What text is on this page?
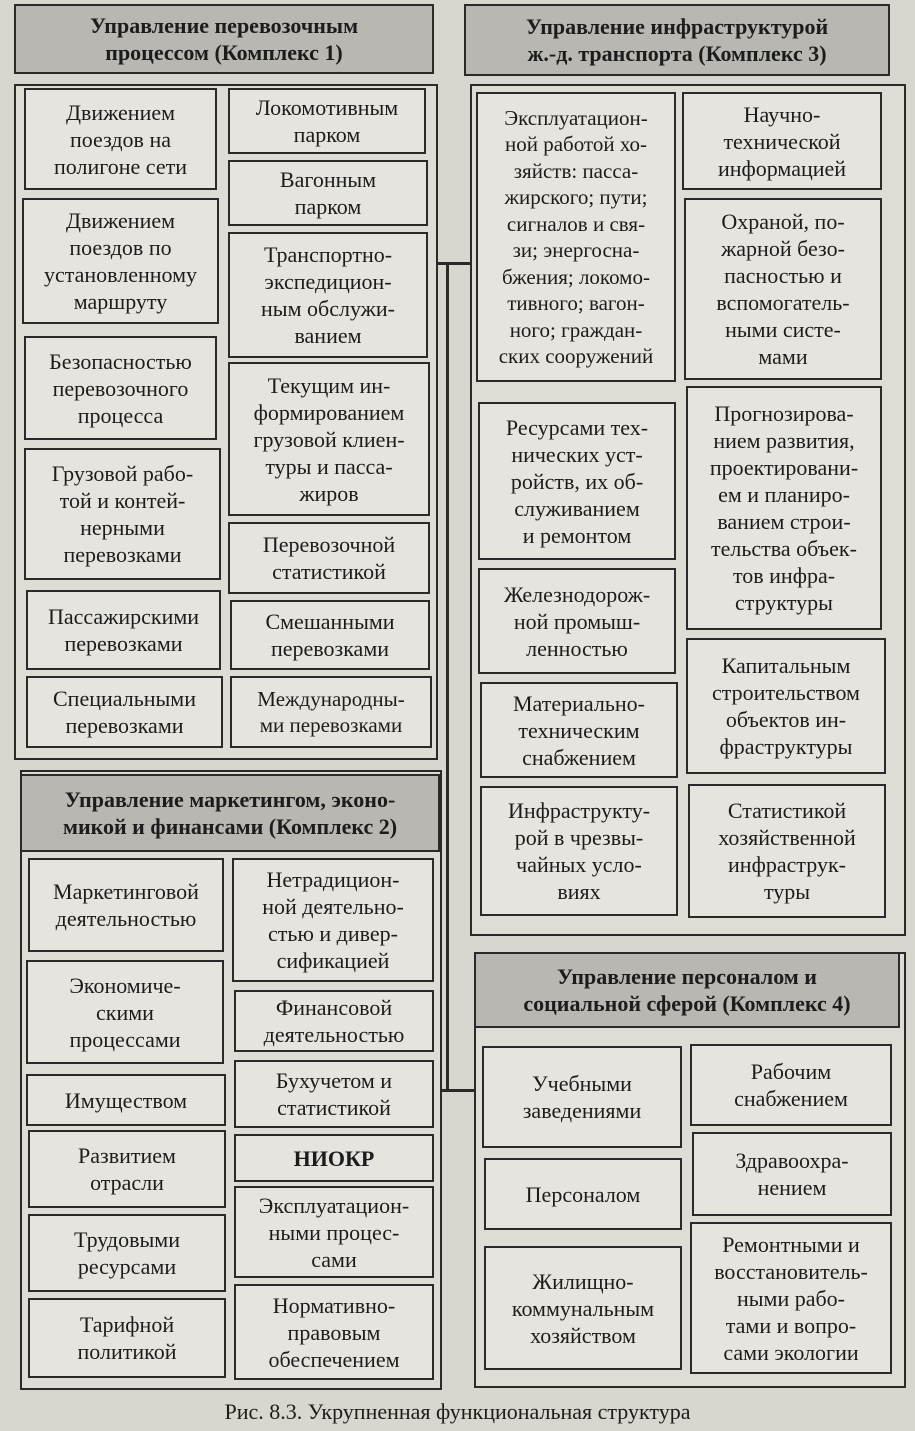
Управление перевозочным
процессом (Комплекс 1)
Движением
поездов на
полигоне сети
Движением
поездов по
установленному
маршруту
Безопасностью
перевозочного
процесса
Грузовой рабо-
той и контей-
нерными
перевозками
Пассажирскими
перевозками
Специальными
перевозками
Локомотивным
парком
Вагонным
парком
Транспортно-
экспедицион-
ным обслужи-
ванием
Текущим ин-
формированием
грузовой клиен-
туры и пасса-
жиров
Перевозочной
статистикой
Смешанными
перевозками
Международны-
ми перевозками
Управление маркетингом, эконо-
микой и финансами (Комплекс 2)
Маркетинговой
деятельностью
Экономиче-
скими
процессами
Имуществом
Развитием
отрасли
Трудовыми
ресурсами
Тарифной
политикой
Нетрадицион-
ной деятельно-
стью и дивер-
сификацией
Финансовой
деятельностью
Бухучетом и
статистикой
НИОКР
Эксплуатацион-
ными процес-
сами
Нормативно-
правовым
обеспечением
Управление инфраструктурой
ж.-д. транспорта (Комплекс 3)
Эксплуатацион-
ной работой хо-
зяйств: пасса-
жирского; пути;
сигналов и свя-
зи; энергосна-
бжения; локомо-
тивного; вагон-
ного; граждан-
ских сооружений
Ресурсами тех-
нических уст-
ройств, их об-
служиванием
и ремонтом
Железнодорож-
ной промыш-
ленностью
Материально-
техническим
снабжением
Инфраструкту-
рой в чрезвы-
чайных усло-
виях
Научно-
технической
информацией
Охраной, по-
жарной безо-
пасностью и
вспомогатель-
ными систе-
мами
Прогнозирова-
нием развития,
проектировани-
ем и планиро-
ванием строи-
тельства объек-
тов инфра-
структуры
Капитальным
строительством
объектов ин-
фраструктуры
Статистикой
хозяйственной
инфраструк-
туры
Управление персоналом и
социальной сферой (Комплекс 4)
Учебными
заведениями
Персоналом
Жилищно-
коммунальным
хозяйством
Рабочим
снабжением
Здравоохра-
нением
Ремонтными и
восстановитель-
ными рабо-
тами и вопро-
сами экологии
Рис. 8.3. Укрупненная функциональная структура
